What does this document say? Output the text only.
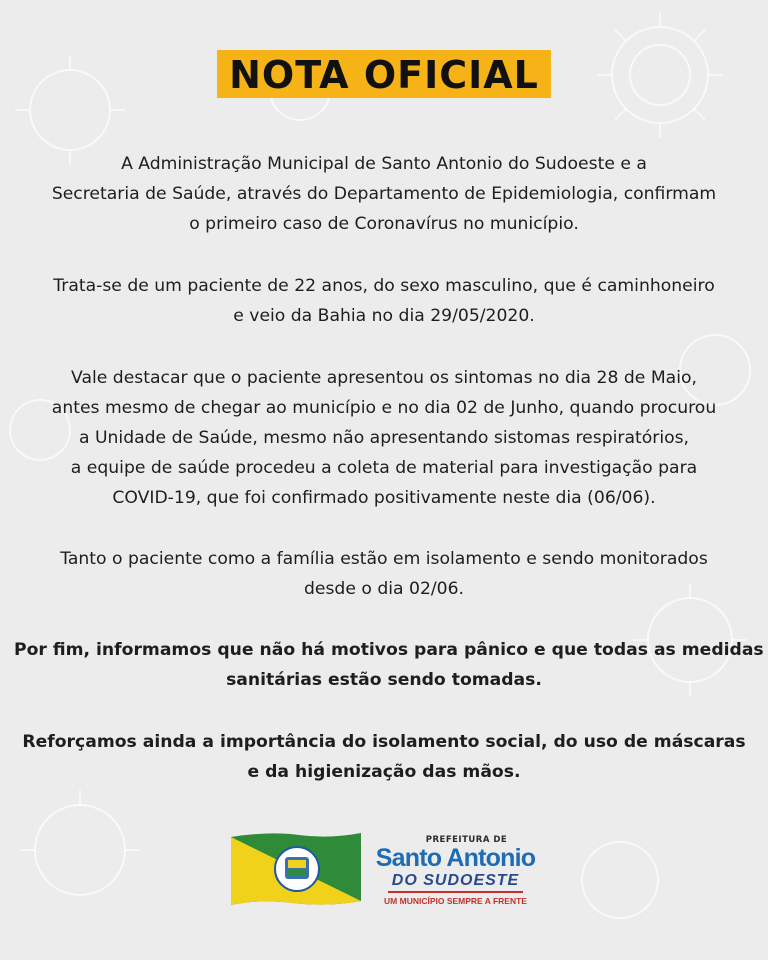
NOTA OFICIAL

A Administração Municipal de Santo Antonio do Sudoeste e a
Secretaria de Saúde, através do Departamento de Epidemiologia, confirmam
o primeiro caso de Coronavírus no município.

Trata-se de um paciente de 22 anos, do sexo masculino, que é caminhoneiro
e veio da Bahia no dia 29/05/2020.

Vale destacar que o paciente apresentou os sintomas no dia 28 de Maio,
antes mesmo de chegar ao município e no dia 02 de Junho, quando procurou
a Unidade de Saúde, mesmo não apresentando sistomas respiratórios,
a equipe de saúde procedeu a coleta de material para investigação para
COVID-19, que foi confirmado positivamente neste dia (06/06).

Tanto o paciente como a família estão em isolamento e sendo monitorados
desde o dia 02/06.

Por fim, informamos que não há motivos para pânico e que todas as medidas
sanitárias estão sendo tomadas.

Reforçamos ainda a importância do isolamento social, do uso de máscaras
e da higienização das mãos.

PREFEITURA DE
Santo Antonio
DO SUDOESTE
UM MUNICÍPIO SEMPRE A FRENTE
